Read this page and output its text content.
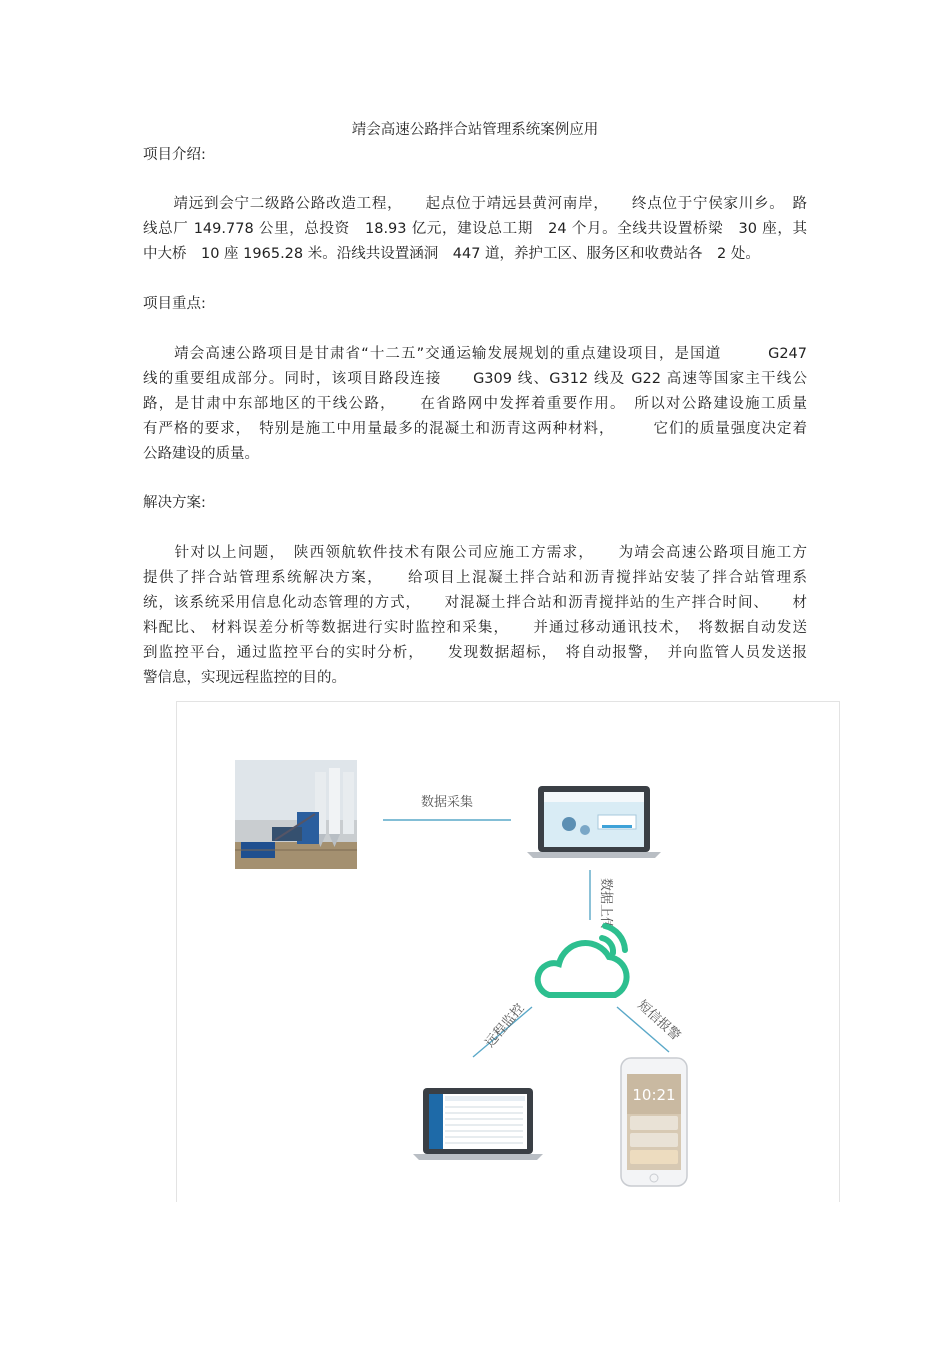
靖会高速公路拌合站管理系统案例应用
项目介绍:
　　靖远到会宁二级路公路改造工程，　　起点位于靖远县黄河南岸，　　终点位于宁侯家川乡。　路
线总厂 149.778 公里，总投资　18.93 亿元，建设总工期　24 个月。全线共设置桥梁　30 座，其
中大桥　10 座 1965.28 米。沿线共设置涵洞　447 道，养护工区、服务区和收费站各　2 处。
项目重点:
　　靖会高速公路项目是甘肃省“十二五”交通运输发展规划的重点建设项目，是国道　　　G247
线的重要组成部分。同时，该项目路段连接　　G309 线、G312 线及 G22 高速等国家主干线公
路，是甘肃中东部地区的干线公路，　　在省路网中发挥着重要作用。　所以对公路建设施工质量
有严格的要求，　特别是施工中用量最多的混凝土和沥青这两种材料，　　　它们的质量强度决定着
公路建设的质量。
解决方案:
　　针对以上问题，　陕西领航软件技术有限公司应施工方需求，　　为靖会高速公路项目施工方
提供了拌合站管理系统解决方案，　　给项目上混凝土拌合站和沥青搅拌站安装了拌合站管理系
统，该系统采用信息化动态管理的方式，　　对混凝土拌合站和沥青搅拌站的生产拌合时间、　　材
料配比、 材料误差分析等数据进行实时监控和采集，　　并通过移动通讯技术，　将数据自动发送
到监控平台，通过监控平台的实时分析，　　发现数据超标，　将自动报警，　并向监管人员发送报
警信息，实现远程监控的目的。
数据采集
数据上传
远程监控	短信报警
10:21
